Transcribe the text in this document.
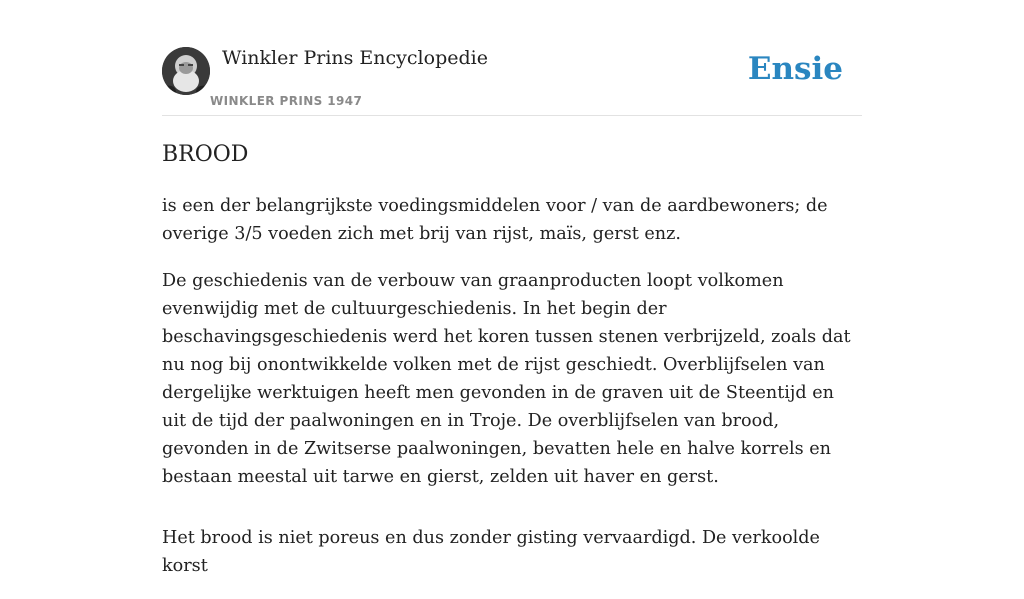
Winkler Prins Encyclopedie
WINKLER PRINS 1947
Ensie
BROOD

is een der belangrijkste voedingsmiddelen voor / van de aardbewoners; de overige 3/5 voeden zich met brij van rijst, maïs, gerst enz.

De geschiedenis van de verbouw van graanproducten loopt volkomen evenwijdig met de cultuurgeschiedenis. In het begin der beschavingsgeschiedenis werd het koren tussen stenen verbrijzeld, zoals dat nu nog bij onontwikkelde volken met de rijst geschiedt. Overblijfselen van dergelijke werktuigen heeft men gevonden in de graven uit de Steentijd en uit de tijd der paalwoningen en in Troje. De overblijfselen van brood, gevonden in de Zwitserse paalwoningen, bevatten hele en halve korrels en bestaan meestal uit tarwe en gierst, zelden uit haver en gerst.

Het brood is niet poreus en dus zonder gisting vervaardigd. De verkoolde korst
